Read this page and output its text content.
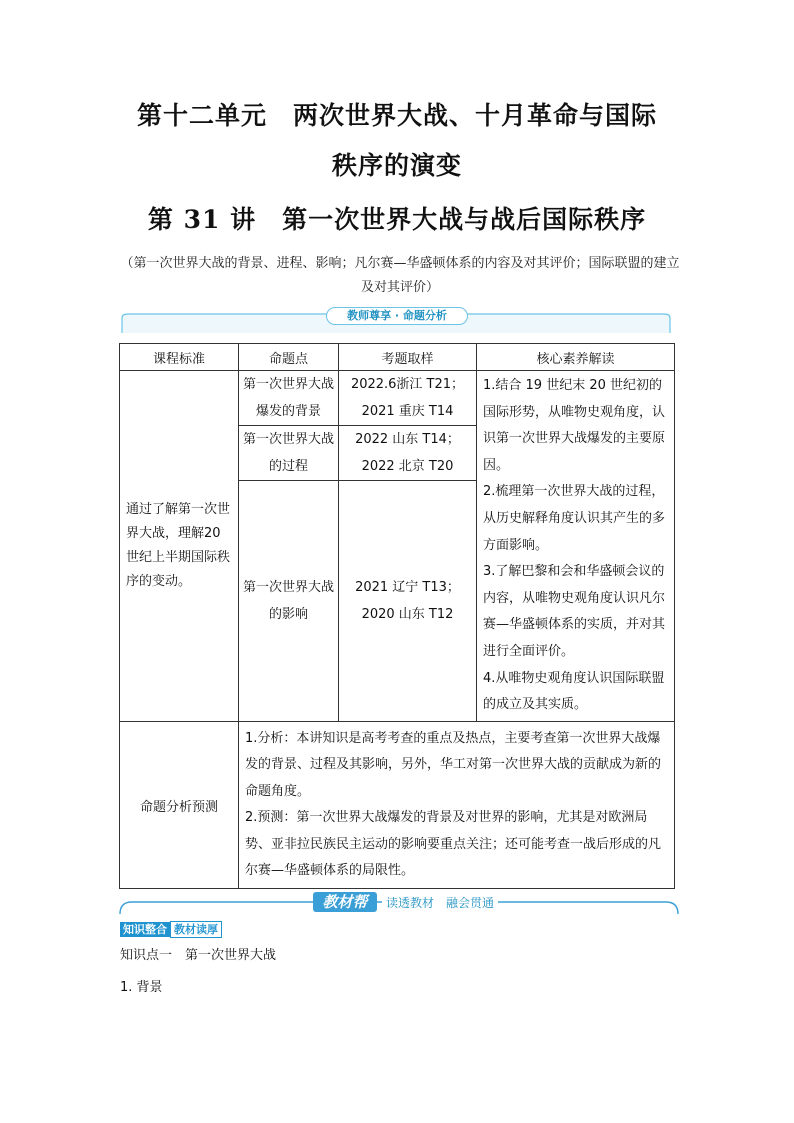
第十二单元　两次世界大战、十月革命与国际
秩序的演变
第 31 讲　第一次世界大战与战后国际秩序
（第一次世界大战的背景、进程、影响；凡尔赛—华盛顿体系的内容及对其评价；国际联盟的建立及对其评价）
教师尊享 · 命题分析
课程标准	命题点	考题取样	核心素养解读
通过了解第一次世界大战，理解20世纪上半期国际秩序的变动。	第一次世界大战爆发的背景	2022.6浙江 T21；2021 重庆 T14	1.结合 19 世纪末 20 世纪初的国际形势，从唯物史观角度，认识第一次世界大战爆发的主要原因。

2.梳理第一次世界大战的过程，从历史解释角度认识其产生的多方面影响。

3.了解巴黎和会和华盛顿会议的内容，从唯物史观角度认识凡尔赛—华盛顿体系的实质，并对其进行全面评价。

4.从唯物史观角度认识国际联盟的成立及其实质。

	第一次世界大战的过程	2022 山东 T14；2022 北京 T20	
	第一次世界大战的影响	2021 辽宁 T13；2020 山东 T12	
命题分析预测	1.分析：本讲知识是高考考查的重点及热点，主要考查第一次世界大战爆发的背景、过程及其影响，另外，华工对第一次世界大战的贡献成为新的命题角度。

2.预测：第一次世界大战爆发的背景及对世界的影响，尤其是对欧洲局势、亚非拉民族民主运动的影响要重点关注；还可能考查一战后形成的凡尔赛—华盛顿体系的局限性。		

教材帮	读透教材　融会贯通
知识整合 教材读厚
知识点一　第一次世界大战
1. 背景
